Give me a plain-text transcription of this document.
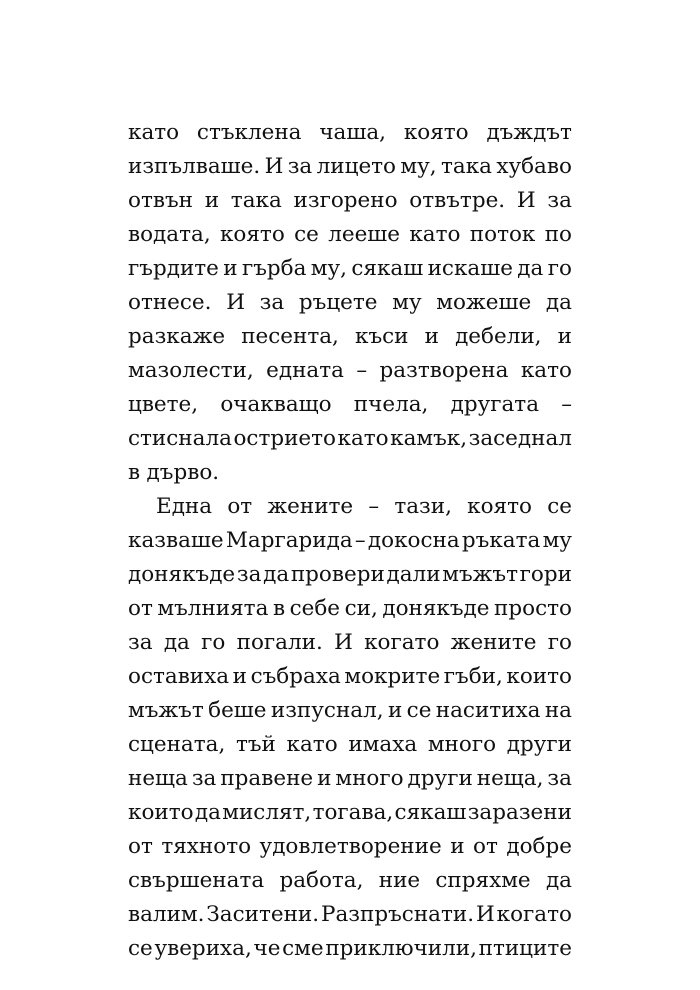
като стъклена чаша, която дъждът
изпълваше. И за лицето му, така хубаво
отвън и така изгорено отвътре. И за
водата, която се лееше като поток по
гърдите и гърба му, сякаш искаше да го
отнесе. И за ръцете му можеше да
разкаже песента, къси и дебели, и
мазолести, едната – разтворена като
цвете, очакващо пчела, другата –
стиснала острието като камък, заседнал
в дърво.
Една от жените – тази, която се
казваше Маргарида – докосна ръката му
донякъде за да провери дали мъжът гори
от мълнията в себе си, донякъде просто
за да го погали. И когато жените го
оставиха и събраха мокрите гъби, които
мъжът беше изпуснал, и се наситиха на
сцената, тъй като имаха много други
неща за правене и много други неща, за
които да мислят, тогава, сякаш заразени
от тяхното удовлетворение и от добре
свършената работа, ние спряхме да
валим. Заситени. Разпръснати. И когато
се увериха, че сме приключили, птиците
